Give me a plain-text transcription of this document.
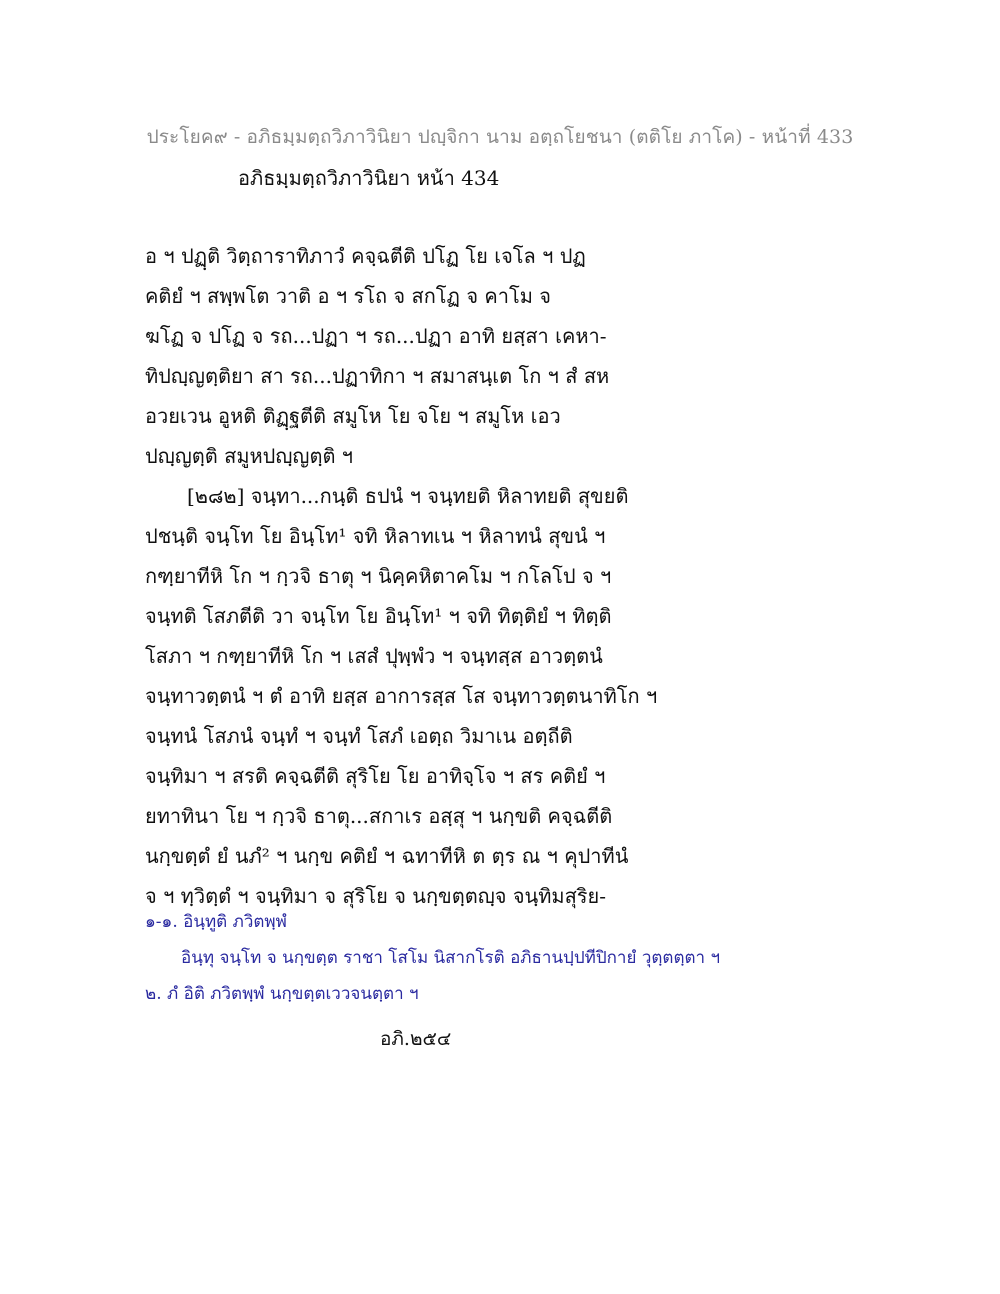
ประโยค๙ - อภิธมฺมตฺถวิภาวินิยา ปญฺจิกา นาม อตฺถโยชนา (ตติโย ภาโค) - หน้าที่ 433
อภิธมฺมตฺถวิภาวินิยา หน้า 434
อ ฯ ปฏฺติ วิตฺถาราทิภาวํ คจฺฉตีติ ปโฏ โย เจโล ฯ ปฏ
คติยํ ฯ สพฺพโต วาติ อ ฯ รโถ จ สกโฏ จ คาโม จ
ฆโฏ จ ปโฏ จ รถ...ปฏา ฯ รถ...ปฏา อาทิ ยสฺสา เคหา-
ทิปญฺญตฺติยา สา รถ...ปฏาทิกา ฯ สมาสนฺเต โก ฯ สํ สห
อวยเวน อูหติ ติฏฺฐตีติ สมูโห โย จโย ฯ สมูโห เอว
ปญฺญตฺติ สมูหปญฺญตฺติ ฯ
[๒๘๒] จนฺทา...กนฺติ ธปนํ ฯ จนฺทยติ หิลาทยติ สุขยติ
ปชนฺติ จนฺโท โย อินฺโท¹ จทิ หิลาทเน ฯ หิลาทนํ สุขนํ ฯ
กฑฺยาทีหิ โก ฯ กฺวจิ ธาตุ ฯ นิคฺคหิตาคโม ฯ กโลโป จ ฯ
จนฺทติ โสภตีติ วา จนฺโท โย อินฺโท¹ ฯ จทิ ทิตฺติยํ ฯ ทิตฺติ
โสภา ฯ กฑฺยาทีหิ โก ฯ เสสํ ปุพฺพํว ฯ จนฺทสฺส อาวตฺตนํ
จนฺทาวตฺตนํ ฯ ตํ อาทิ ยสฺส อาการสฺส โส จนฺทาวตฺตนาทิโก ฯ
จนฺทนํ โสภนํ จนฺทํ ฯ จนฺทํ โสภํ เอตฺถ วิมาเน อตฺถีติ
จนฺทิมา ฯ สรติ คจฺฉตีติ สุริโย โย อาทิจฺโจ ฯ สร คติยํ ฯ
ยทาทินา โย ฯ กฺวจิ ธาตุ...สกาเร อสฺสุ ฯ นกฺขติ คจฺฉตีติ
นกฺขตฺตํ ยํ นภํ² ฯ นกฺข คติยํ ฯ ฉทาทีหิ ต ตฺร ณ ฯ คุปาทีนํ
จ ฯ ทฺวิตฺตํ ฯ จนฺทิมา จ สุริโย จ นกฺขตฺตญฺจ จนฺทิมสุริย-
๑-๑. อินฺทูติ ภวิตพฺพํ
อินฺทุ จนฺโท จ นกฺขตฺต ราชา โสโม นิสากโรติ อภิธานปฺปทีปิกายํ วุตฺตตฺตา ฯ
๒. ภํ อิติ ภวิตพฺพํ นกฺขตฺตเววจนตฺตา ฯ
อภิ.๒๕๔
